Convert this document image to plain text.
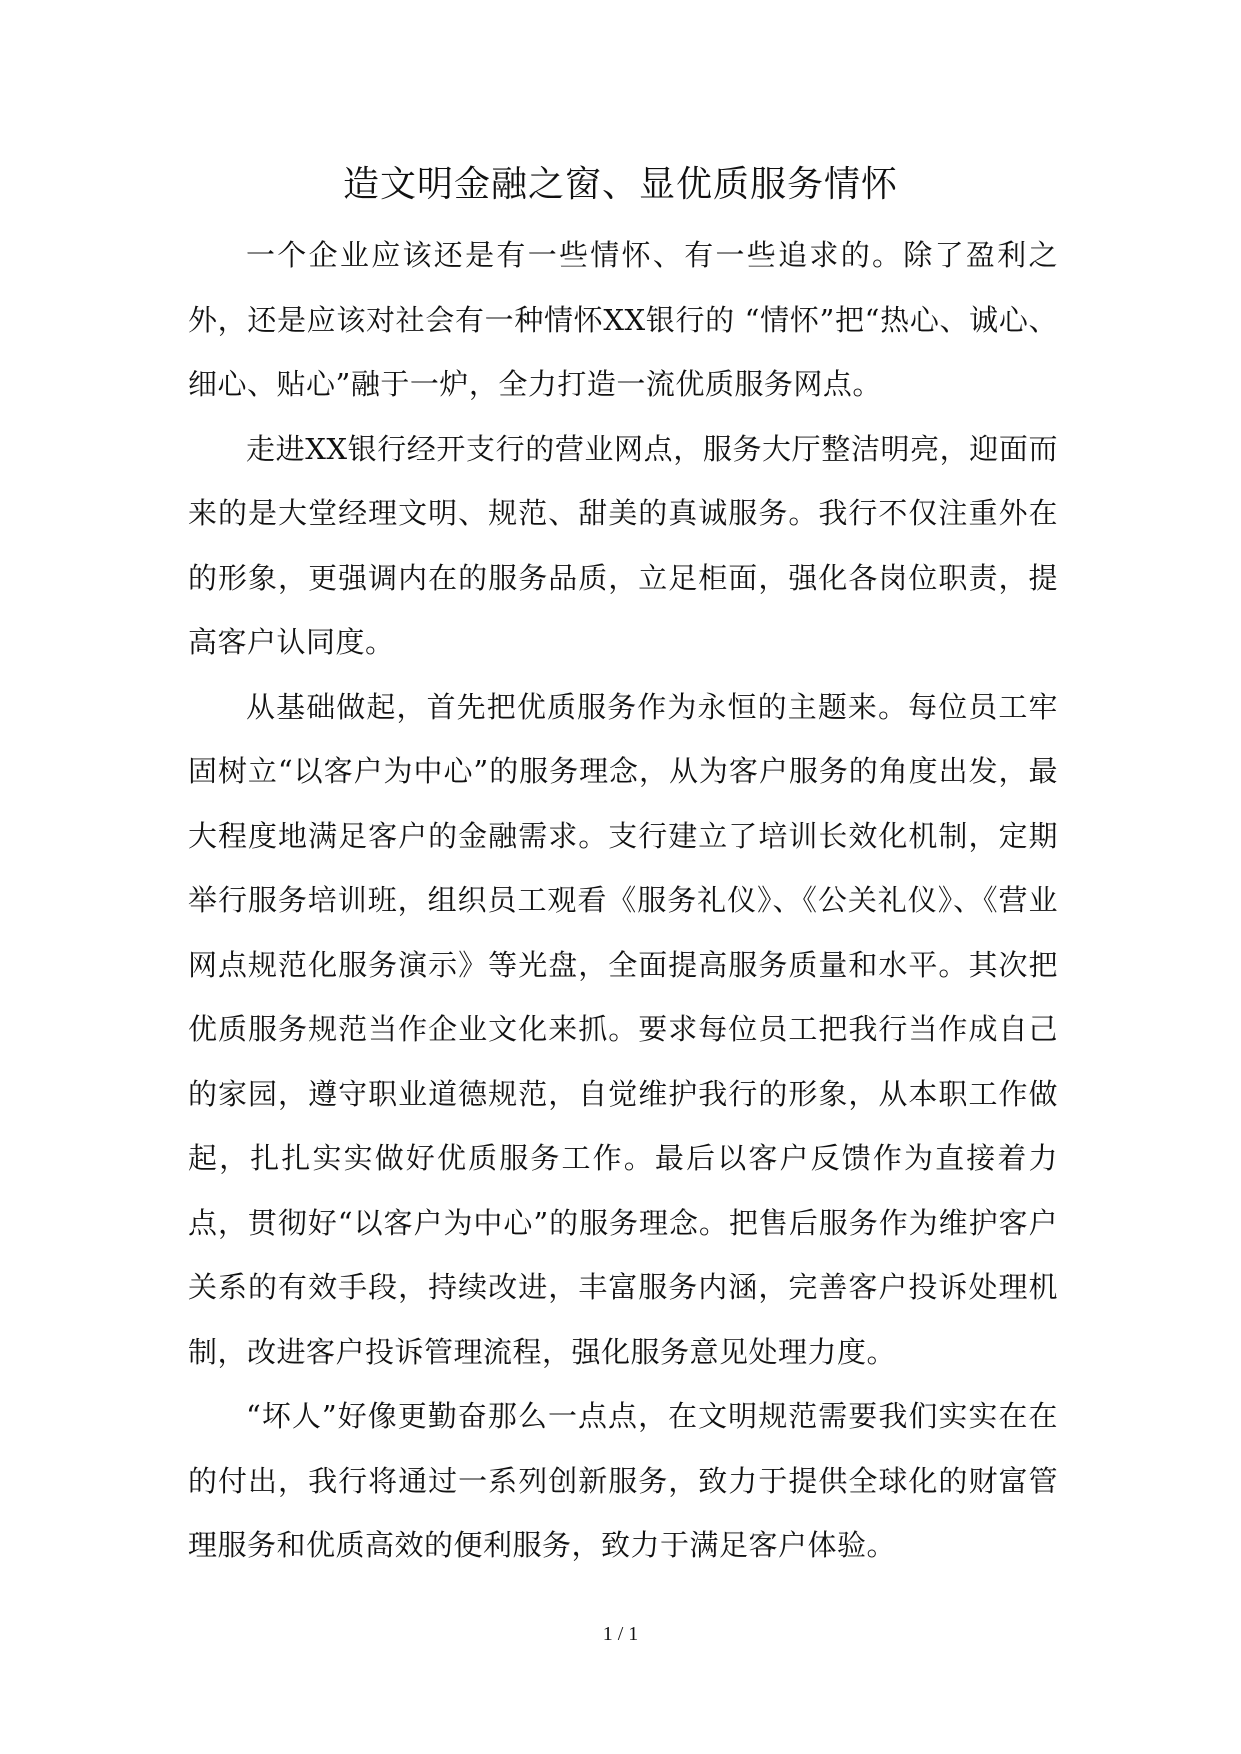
造文明金融之窗、显优质服务情怀

一个企业应该还是有一些情怀、有一些追求的。除了盈利之外，还是应该对社会有一种情怀XX银行的 “情怀”把“热心、诚心、细心、贴心”融于一炉，全力打造一流优质服务网点。

走进XX银行经开支行的营业网点，服务大厅整洁明亮，迎面而来的是大堂经理文明、规范、甜美的真诚服务。我行不仅注重外在的形象，更强调内在的服务品质，立足柜面，强化各岗位职责，提高客户认同度。

从基础做起，首先把优质服务作为永恒的主题来。每位员工牢固树立“以客户为中心”的服务理念，从为客户服务的角度出发，最大程度地满足客户的金融需求。支行建立了培训长效化机制，定期举行服务培训班，组织员工观看《服务礼仪》、《公关礼仪》、《营业网点规范化服务演示》等光盘，全面提高服务质量和水平。其次把优质服务规范当作企业文化来抓。要求每位员工把我行当作成自己的家园，遵守职业道德规范，自觉维护我行的形象，从本职工作做起，扎扎实实做好优质服务工作。最后以客户反馈作为直接着力点，贯彻好“以客户为中心”的服务理念。把售后服务作为维护客户关系的有效手段，持续改进，丰富服务内涵，完善客户投诉处理机制，改进客户投诉管理流程，强化服务意见处理力度。

“坏人”好像更勤奋那么一点点，在文明规范需要我们实实在在的付出，我行将通过一系列创新服务，致力于提供全球化的财富管理服务和优质高效的便利服务，致力于满足客户体验。

1 / 1
